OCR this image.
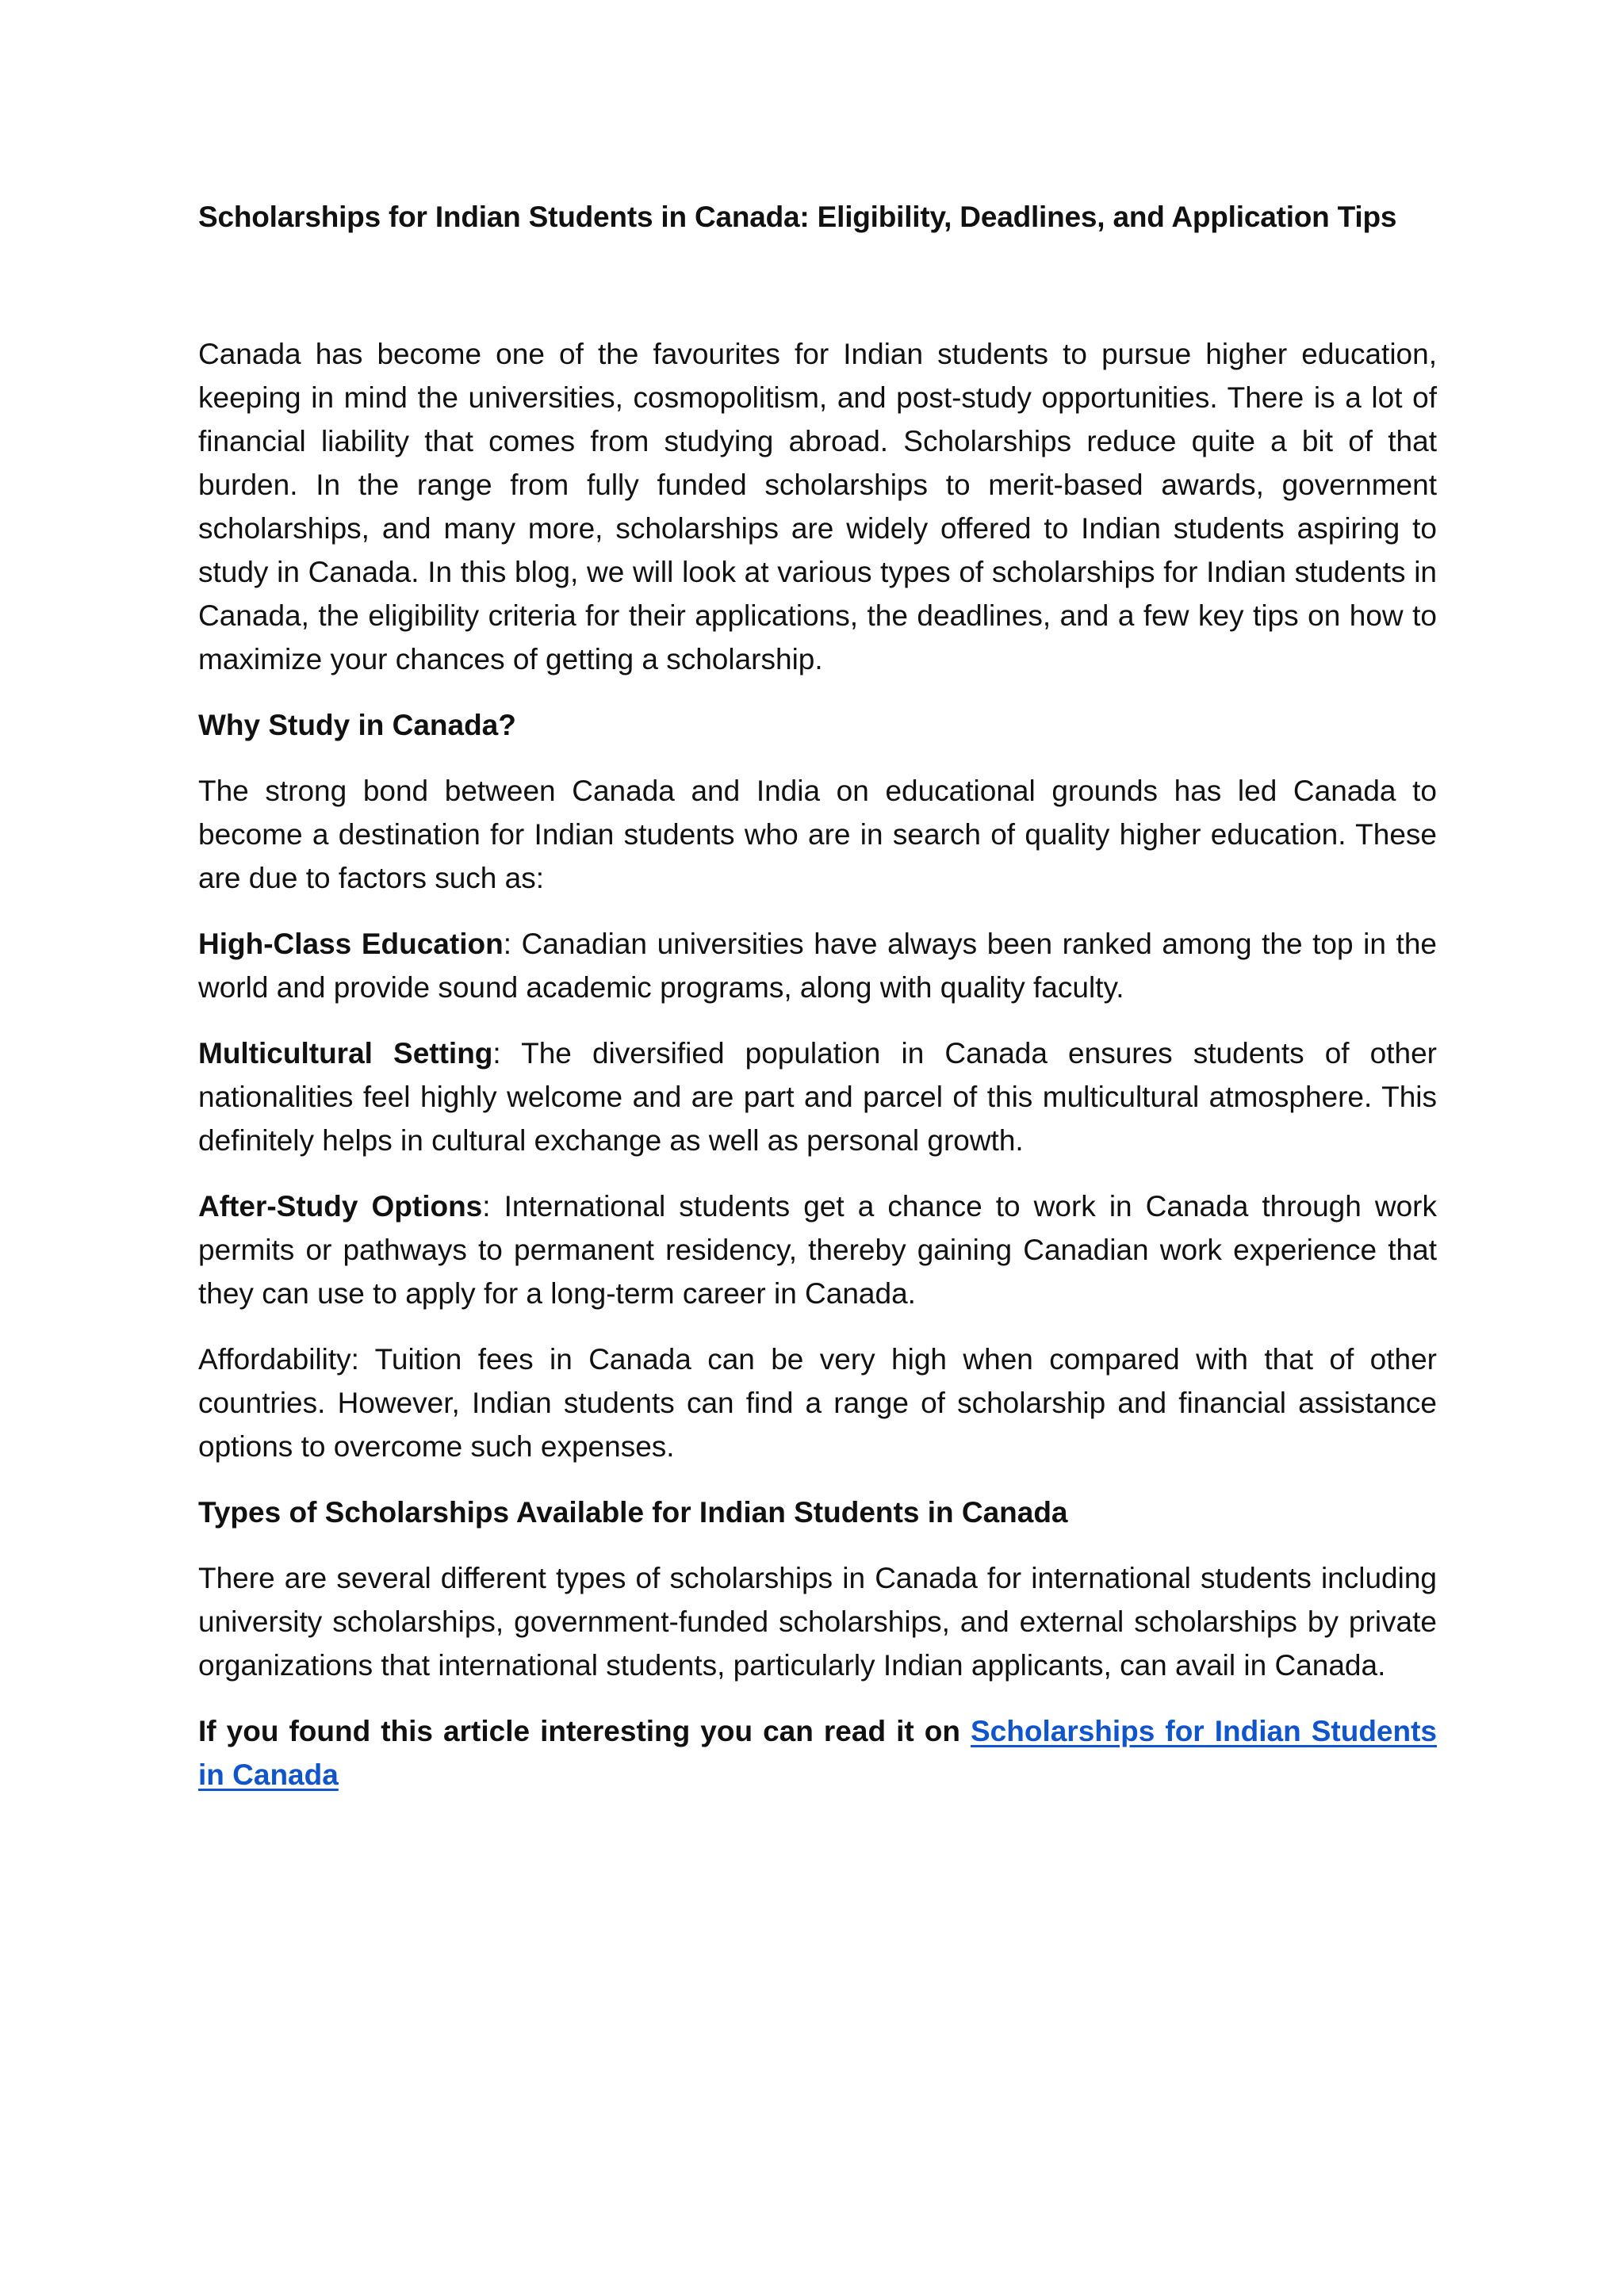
Scholarships for Indian Students in Canada: Eligibility, Deadlines, and Application Tips

Canada has become one of the favourites for Indian students to pursue higher education, keeping in mind the universities, cosmopolitism, and post-study opportunities. There is a lot of financial liability that comes from studying abroad. Scholarships reduce quite a bit of that burden. In the range from fully funded scholarships to merit-based awards, government scholarships, and many more, scholarships are widely offered to Indian students aspiring to study in Canada. In this blog, we will look at various types of scholarships for Indian students in Canada, the eligibility criteria for their applications, the deadlines, and a few key tips on how to maximize your chances of getting a scholarship.

Why Study in Canada?

The strong bond between Canada and India on educational grounds has led Canada to become a destination for Indian students who are in search of quality higher education. These are due to factors such as:

High-Class Education: Canadian universities have always been ranked among the top in the world and provide sound academic programs, along with quality faculty.

Multicultural Setting: The diversified population in Canada ensures students of other nationalities feel highly welcome and are part and parcel of this multicultural atmosphere. This definitely helps in cultural exchange as well as personal growth.

After-Study Options: International students get a chance to work in Canada through work permits or pathways to permanent residency, thereby gaining Canadian work experience that they can use to apply for a long-term career in Canada.

Affordability: Tuition fees in Canada can be very high when compared with that of other countries. However, Indian students can find a range of scholarship and financial assistance options to overcome such expenses.

Types of Scholarships Available for Indian Students in Canada

There are several different types of scholarships in Canada for international students including university scholarships, government-funded scholarships, and external scholarships by private organizations that international students, particularly Indian applicants, can avail in Canada.

If you found this article interesting you can read it on Scholarships for Indian Students in Canada
